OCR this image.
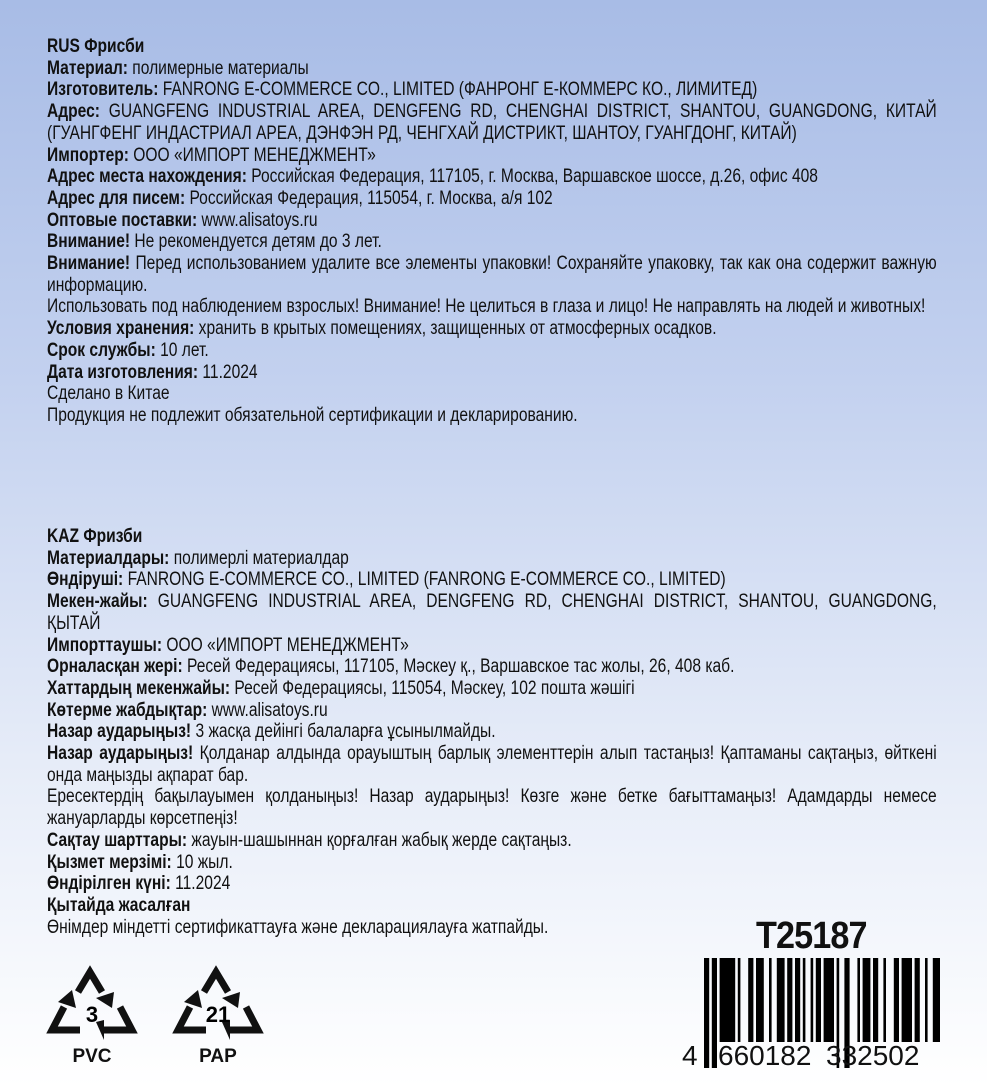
RUS Фрисби

Материал: полимерные материалы

Изготовитель: FANRONG E-COMMERCE CO., LIMITED (ФАНРОНГ Е-КОММЕРС КО., ЛИМИТЕД)

Адрес: GUANGFENG INDUSTRIAL AREA, DENGFENG RD, CHENGHAI DISTRICT, SHANTOU, GUANGDONG, КИТАЙ (ГУАНГФЕНГ ИНДАСТРИАЛ АРЕА, ДЭНФЭН РД, ЧЕНГХАЙ ДИСТРИКТ, ШАНТОУ, ГУАНГДОНГ, КИТАЙ)

Импортер: ООО «ИМПОРТ МЕНЕДЖМЕНТ»

Адрес места нахождения: Российская Федерация, 117105, г. Москва, Варшавское шоссе, д.26, офис 408

Адрес для писем: Российская Федерация, 115054, г. Москва, а/я 102

Оптовые поставки: www.alisatoys.ru

Внимание! Не рекомендуется детям до 3 лет.

Внимание! Перед использованием удалите все элементы упаковки! Сохраняйте упаковку, так как она содержит важную информацию.

Использовать под наблюдением взрослых! Внимание! Не целиться в глаза и лицо! Не направлять на людей и животных!

Условия хранения: хранить в крытых помещениях, защищенных от атмосферных осадков.

Срок службы: 10 лет.

Дата изготовления: 11.2024

Сделано в Китае

Продукция не подлежит обязательной сертификации и декларированию.

KAZ Фризби

Материалдары: полимерлі материалдар

Өндіруші: FANRONG E-COMMERCE CO., LIMITED (FANRONG E-COMMERCE CO., LIMITED)

Мекен-жайы: GUANGFENG INDUSTRIAL AREA, DENGFENG RD, CHENGHAI DISTRICT, SHANTOU, GUANGDONG, ҚЫТАЙ

Импорттаушы: ООО «ИМПОРТ МЕНЕДЖМЕНТ»

Орналасқан жері: Ресей Федерациясы, 117105, Мәскеу қ., Варшавское тас жолы, 26, 408 каб.

Хаттардың мекенжайы: Ресей Федерациясы, 115054, Мәскеу, 102 пошта жәшігі

Көтерме жабдықтар: www.alisatoys.ru

Назар аударыңыз! 3 жасқа дейінгі балаларға ұсынылмайды.

Назар аударыңыз! Қолданар алдында орауыштың барлық элементтерін алып тастаңыз! Қаптаманы сақтаңыз, өйткені онда маңызды ақпарат бар.

Ересектердің бақылауымен қолданыңыз! Назар аударыңыз! Көзге және бетке бағыттамаңыз! Адамдарды немесе жануарларды көрсетпеңіз!

Сақтау шарттары: жауын-шашыннан қорғалған жабық жерде сақтаңыз.

Қызмет мерзімі: 10 жыл.

Өндірілген күні: 11.2024

Қытайда жасалған

Өнімдер міндетті сертификаттауға және декларациялауға жатпайды.

3
PVC
21
PAP
T25187
4 660182 332502
